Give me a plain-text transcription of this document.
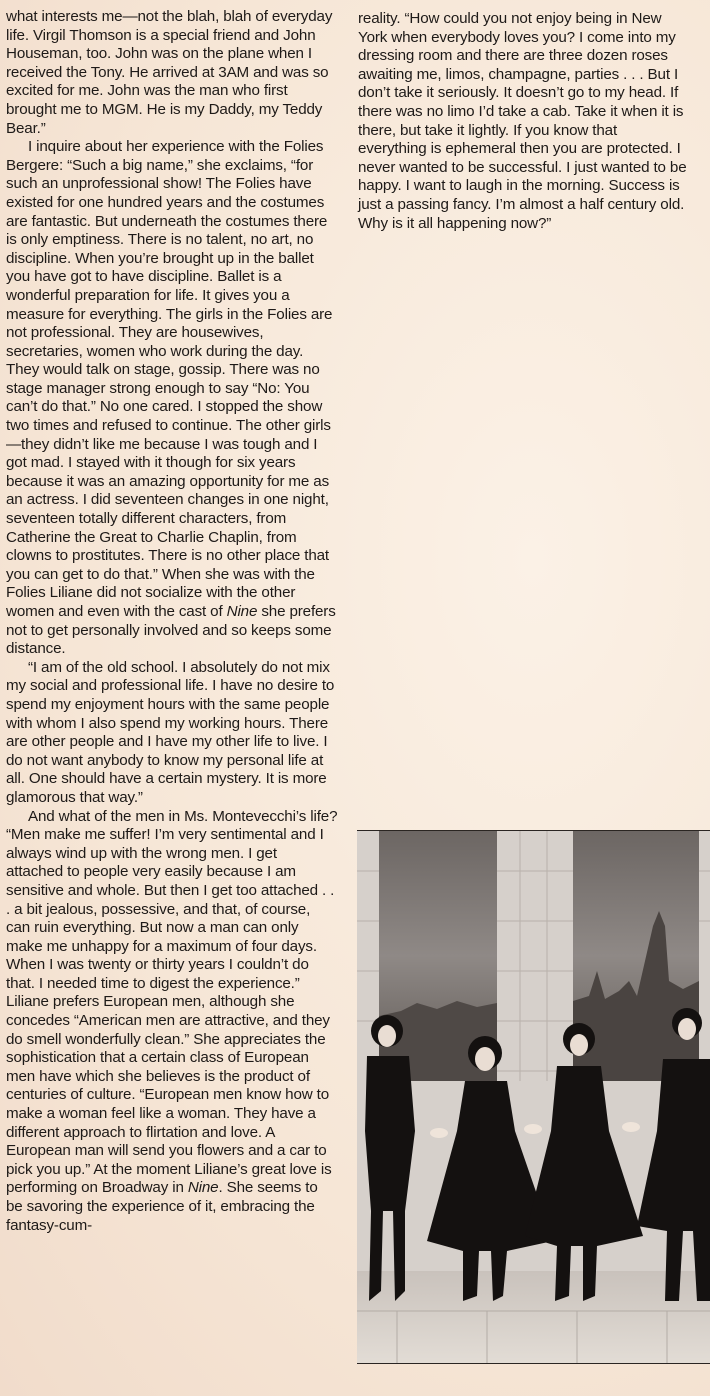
what interests me—not the blah, blah of everyday life. Virgil Thomson is a special friend and John Houseman, too. John was on the plane when I received the Tony. He arrived at 3AM and was so excited for me. John was the man who first brought me to MGM. He is my Daddy, my Teddy Bear.”

I inquire about her experience with the Folies Bergere: “Such a big name,” she exclaims, “for such an unprofessional show! The Folies have existed for one hundred years and the costumes are fantastic. But underneath the costumes there is only emptiness. There is no talent, no art, no discipline. When you’re brought up in the ballet you have got to have discipline. Ballet is a wonderful preparation for life. It gives you a measure for everything. The girls in the Folies are not professional. They are housewives, secretaries, women who work during the day. They would talk on stage, gossip. There was no stage manager strong enough to say “No: You can’t do that.” No one cared. I stopped the show two times and refused to continue. The other girls—they didn’t like me because I was tough and I got mad. I stayed with it though for six years because it was an amazing opportunity for me as an actress. I did seventeen changes in one night, seventeen totally different characters, from Catherine the Great to Charlie Chaplin, from clowns to prostitutes. There is no other place that you can get to do that.” When she was with the Folies Liliane did not socialize with the other women and even with the cast of Nine she prefers not to get personally involved and so keeps some distance.

“I am of the old school. I absolutely do not mix my social and professional life. I have no desire to spend my enjoyment hours with the same people with whom I also spend my working hours. There are other people and I have my other life to live. I do not want anybody to know my personal life at all. One should have a certain mystery. It is more glamorous that way.”

And what of the men in Ms. Montevecchi’s life? “Men make me suffer! I’m very sentimental and I always wind up with the wrong men. I get attached to people very easily because I am sensitive and whole. But then I get too attached . . . a bit jealous, possessive, and that, of course, can ruin everything. But now a man can only make me unhappy for a maximum of four days. When I was twenty or thirty years I couldn’t do that. I needed time to digest the experience.” Liliane prefers European men, although she concedes “American men are attractive, and they do smell wonderfully clean.” She appreciates the sophistication that a certain class of European men have which she believes is the product of centuries of culture. “European men know how to make a woman feel like a woman. They have a different approach to flirtation and love. A European man will send you flowers and a car to pick you up.” At the moment Liliane’s great love is performing on Broadway in Nine. She seems to be savoring the experience of it, embracing the fantasy-cum-

reality. “How could you not enjoy being in New York when everybody loves you? I come into my dressing room and there are three dozen roses awaiting me, limos, champagne, parties . . . But I don’t take it seriously. It doesn’t go to my head. If there was no limo I’d take a cab. Take it when it is there, but take it lightly. If you know that everything is ephemeral then you are protected. I never wanted to be successful. I just wanted to be happy. I want to laugh in the morning. Success is just a passing fancy. I’m almost a half century old. Why is it all happening now?”
